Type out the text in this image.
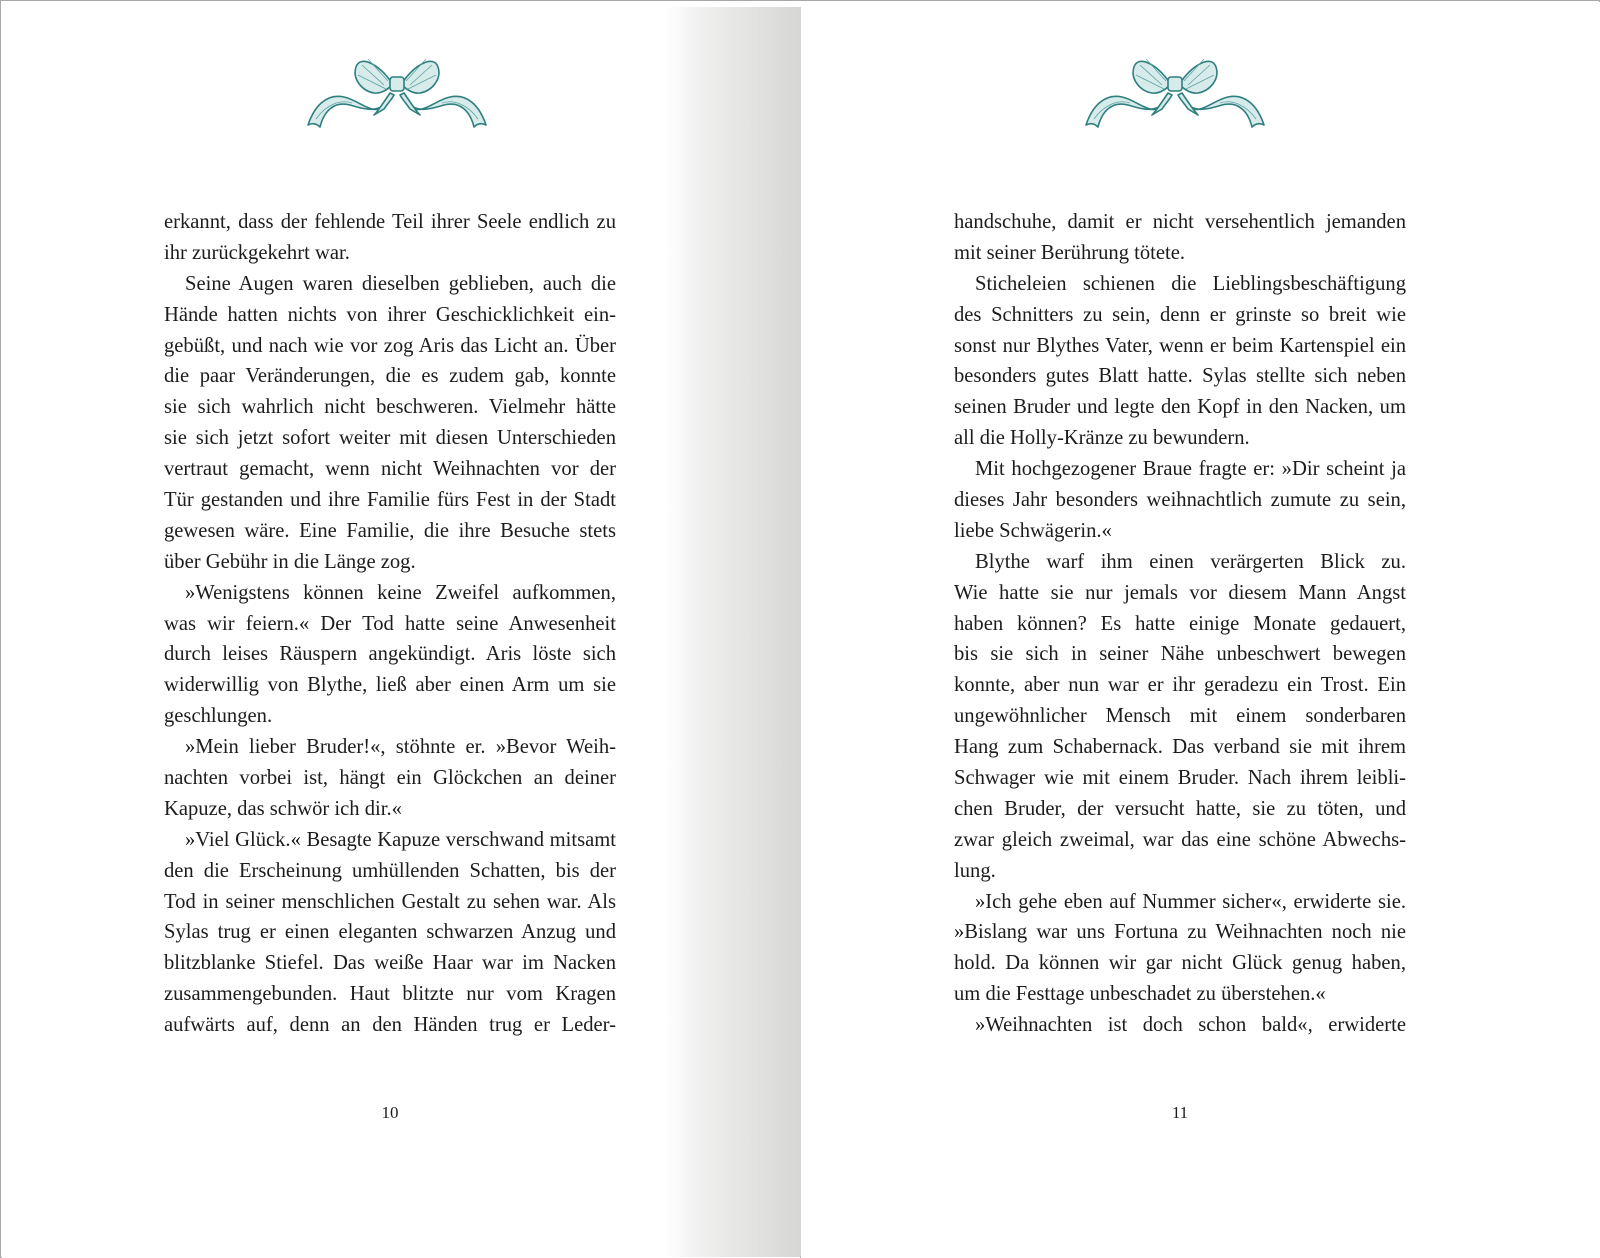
erkannt, dass der fehlende Teil ihrer Seele endlich zu
ihr zurückgekehrt war.
Seine Augen waren dieselben geblieben, auch die
Hände hatten nichts von ihrer Geschicklichkeit ein-
gebüßt, und nach wie vor zog Aris das Licht an. Über
die paar Veränderungen, die es zudem gab, konnte
sie sich wahrlich nicht beschweren. Vielmehr hätte
sie sich jetzt sofort weiter mit diesen Unterschieden
vertraut gemacht, wenn nicht Weihnachten vor der
Tür gestanden und ihre Familie fürs Fest in der Stadt
gewesen wäre. Eine Familie, die ihre Besuche stets
über Gebühr in die Länge zog.
»Wenigstens können keine Zweifel aufkommen,
was wir feiern.« Der Tod hatte seine Anwesenheit
durch leises Räuspern angekündigt. Aris löste sich
widerwillig von Blythe, ließ aber einen Arm um sie
geschlungen.
»Mein lieber Bruder!«, stöhnte er. »Bevor Weih-
nachten vorbei ist, hängt ein Glöckchen an deiner
Kapuze, das schwör ich dir.«
»Viel Glück.« Besagte Kapuze verschwand mitsamt
den die Erscheinung umhüllenden Schatten, bis der
Tod in seiner menschlichen Gestalt zu sehen war. Als
Sylas trug er einen eleganten schwarzen Anzug und
blitzblanke Stiefel. Das weiße Haar war im Nacken
zusammengebunden. Haut blitzte nur vom Kragen
aufwärts auf, denn an den Händen trug er Leder-
handschuhe, damit er nicht versehentlich jemanden
mit seiner Berührung tötete.
Sticheleien schienen die Lieblingsbeschäftigung
des Schnitters zu sein, denn er grinste so breit wie
sonst nur Blythes Vater, wenn er beim Kartenspiel ein
besonders gutes Blatt hatte. Sylas stellte sich neben
seinen Bruder und legte den Kopf in den Nacken, um
all die Holly-Kränze zu bewundern.
Mit hochgezogener Braue fragte er: »Dir scheint ja
dieses Jahr besonders weihnachtlich zumute zu sein,
liebe Schwägerin.«
Blythe warf ihm einen verärgerten Blick zu.
Wie hatte sie nur jemals vor diesem Mann Angst
haben können? Es hatte einige Monate gedauert,
bis sie sich in seiner Nähe unbeschwert bewegen
konnte, aber nun war er ihr geradezu ein Trost. Ein
ungewöhnlicher Mensch mit einem sonderbaren
Hang zum Schabernack. Das verband sie mit ihrem
Schwager wie mit einem Bruder. Nach ihrem leibli-
chen Bruder, der versucht hatte, sie zu töten, und
zwar gleich zweimal, war das eine schöne Abwechs-
lung.
»Ich gehe eben auf Nummer sicher«, erwiderte sie.
»Bislang war uns Fortuna zu Weihnachten noch nie
hold. Da können wir gar nicht Glück genug haben,
um die Festtage unbeschadet zu überstehen.«
»Weihnachten ist doch schon bald«, erwiderte
10	11
